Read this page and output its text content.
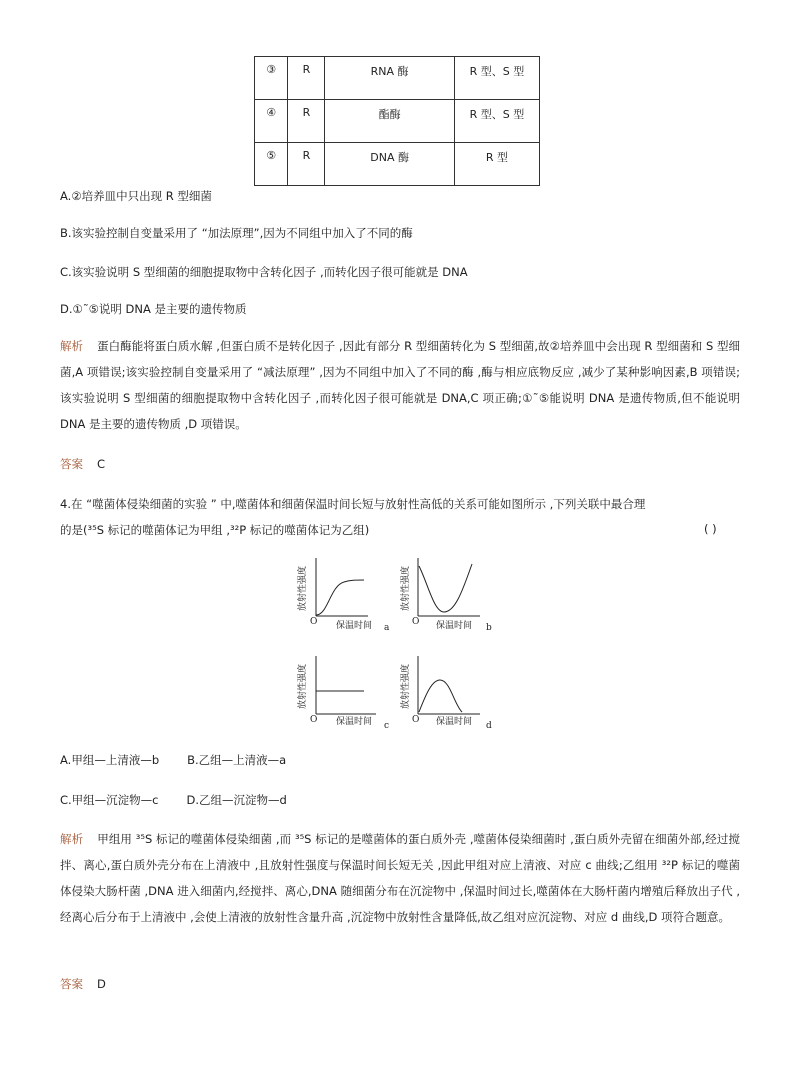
③	R	RNA 酶	R 型、S 型
④	R	酯酶	R 型、S 型
⑤	R	DNA 酶	R 型
A.②培养皿中只出现 R 型细菌
B.该实验控制自变量采用了 “加法原理”,因为不同组中加入了不同的酶
C.该实验说明 S 型细菌的细胞提取物中含转化因子 ,而转化因子很可能就是 DNA
D.①˜⑤说明 DNA 是主要的遗传物质
解析 蛋白酶能将蛋白质水解 ,但蛋白质不是转化因子 ,因此有部分 R 型细菌转化为 S 型细菌,故②培养皿中会出现 R 型细菌和 S 型细菌,A 项错误;该实验控制自变量采用了 “减法原理” ,因为不同组中加入了不同的酶 ,酶与相应底物反应 ,减少了某种影响因素,B 项错误;该实验说明 S 型细菌的细胞提取物中含转化因子 ,而转化因子很可能就是 DNA,C 项正确;①˜⑤能说明 DNA 是遗传物质,但不能说明 DNA 是主要的遗传物质 ,D 项错误。
答案 C
4.在 “噬菌体侵染细菌的实验 ” 中,噬菌体和细菌保温时间长短与放射性高低的关系可能如图所示 ,下列关联中最合理
的是(³⁵S 标记的噬菌体记为甲组 ,³²P 标记的噬菌体记为乙组)	( )
O 保温时间 a
放射性强度
O 保温时间 b
放射性强度
O 保温时间 c
放射性强度
O 保温时间 d
放射性强度
A.甲组—上清液—b B.乙组—上清液—a
C.甲组—沉淀物—c D.乙组—沉淀物—d
解析 甲组用 ³⁵S 标记的噬菌体侵染细菌 ,而 ³⁵S 标记的是噬菌体的蛋白质外壳 ,噬菌体侵染细菌时 ,蛋白质外壳留在细菌外部,经过搅拌、离心,蛋白质外壳分布在上清液中 ,且放射性强度与保温时间长短无关 ,因此甲组对应上清液、对应 c 曲线;乙组用 ³²P 标记的噬菌体侵染大肠杆菌 ,DNA 进入细菌内,经搅拌、离心,DNA 随细菌分布在沉淀物中 ,保温时间过长,噬菌体在大肠杆菌内增殖后释放出子代 ,经离心后分布于上清液中 ,会使上清液的放射性含量升高 ,沉淀物中放射性含量降低,故乙组对应沉淀物、对应 d 曲线,D 项符合题意。
答案 D
